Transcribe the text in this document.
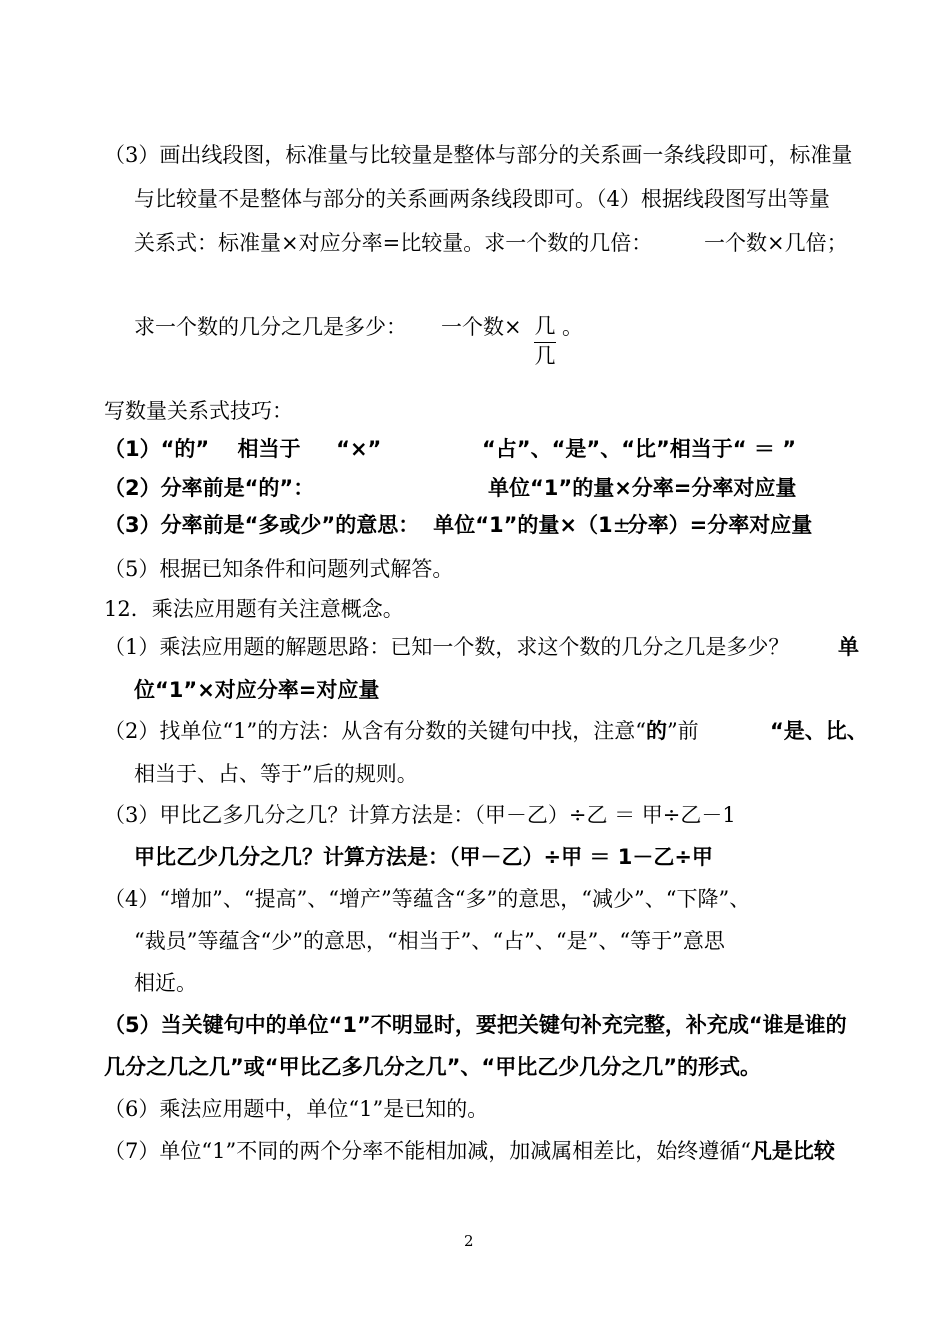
（3）画出线段图，标准量与比较量是整体与部分的关系画一条线段即可，标准量
与比较量不是整体与部分的关系画两条线段即可。（4）根据线段图写出等量
关系式：标准量×对应分率=比较量。求一个数的几倍： 一个数×几倍；
求一个数的几分之几是多少： 一个数× 几
几
。
写数量关系式技巧：
（1）“的”　 相当于 　 “×”	“占”、“是”、“比”相当于“ ＝ ”
（2）分率前是“的”：	单位“1”的量×分率=分率对应量
（3）分率前是“多或少”的意思： 单位“1”的量×（1±分率）=分率对应量
（5）根据已知条件和问题列式解答。
12．乘法应用题有关注意概念。
（1）乘法应用题的解题思路：已知一个数，求这个数的几分之几是多少？ 单
位“1”×对应分率=对应量
（2）找单位“1”的方法：从含有分数的关键句中找，注意“的”前	“是、比、
相当于、占、等于”后的规则。
（3）甲比乙多几分之几？计算方法是：（甲－乙）÷乙 ＝ 甲÷乙－1
甲比乙少几分之几？计算方法是：（甲－乙）÷甲 ＝ 1－乙÷甲
（4）“增加”、“提高”、“增产”等蕴含“多”的意思，“减少”、“下降”、
“裁员”等蕴含“少”的意思，“相当于”、“占”、“是”、“等于”意思
相近。
（5）当关键句中的单位“1”不明显时，要把关键句补充完整，补充成“谁是谁的
几分之几之几”或“甲比乙多几分之几”、“甲比乙少几分之几”的形式。
（6）乘法应用题中，单位“1”是已知的。
（7）单位“1”不同的两个分率不能相加减，加减属相差比，始终遵循“凡是比较
2
